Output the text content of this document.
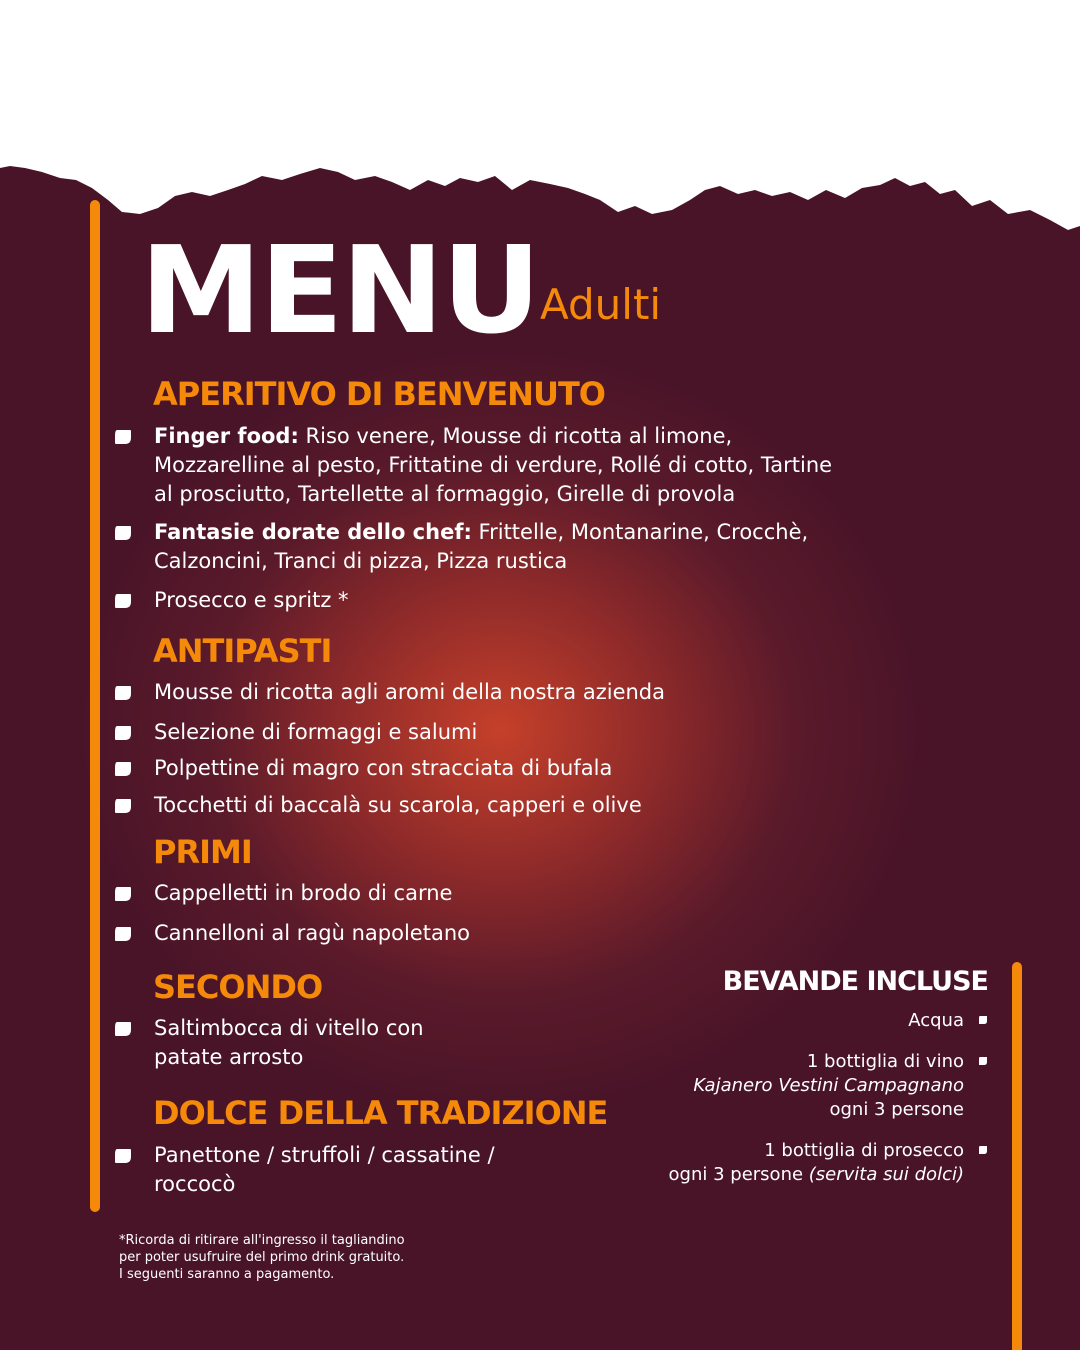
MENU Adulti
APERITIVO DI BENVENUTO
Finger food: Riso venere, Mousse di ricotta al limone,
Mozzarelline al pesto, Frittatine di verdure, Rollé di cotto, Tartine
al prosciutto, Tartellette al formaggio, Girelle di provola
Fantasie dorate dello chef: Frittelle, Montanarine, Crocchè,
Calzoncini, Tranci di pizza, Pizza rustica
Prosecco e spritz *
ANTIPASTI
Mousse di ricotta agli aromi della nostra azienda
Selezione di formaggi e salumi
Polpettine di magro con stracciata di bufala
Tocchetti di baccalà su scarola, capperi e olive
PRIMI
Cappelletti in brodo di carne
Cannelloni al ragù napoletano
SECONDO
Saltimbocca di vitello con
patate arrosto
DOLCE DELLA TRADIZIONE
Panettone / struffoli / cassatine /
roccocò
BEVANDE INCLUSE
Acqua
1 bottiglia di vino
Kajanero Vestini Campagnano
ogni 3 persone
1 bottiglia di prosecco
ogni 3 persone (servita sui dolci)
*Ricorda di ritirare all'ingresso il tagliandino
per poter usufruire del primo drink gratuito.
I seguenti saranno a pagamento.
